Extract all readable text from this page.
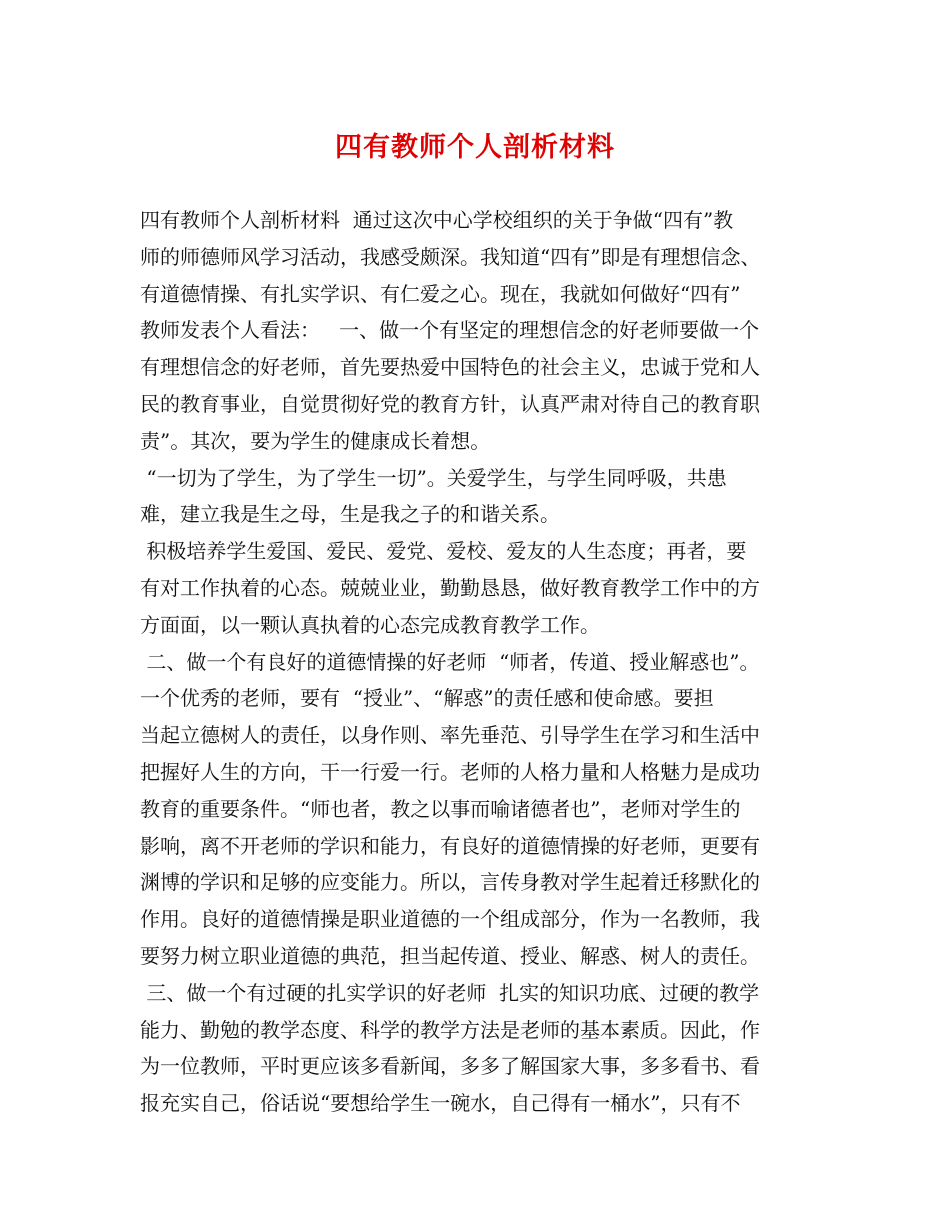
四有教师个人剖析材料
四有教师个人剖析材料  通过这次中心学校组织的关于争做“四有”教
师的师德师风学习活动，我感受颇深。我知道“四有”即是有理想信念、
有道德情操、有扎实学识、有仁爱之心。现在，我就如何做好“四有”
教师发表个人看法：   一、做一个有坚定的理想信念的好老师要做一个
有理想信念的好老师，首先要热爱中国特色的社会主义，忠诚于党和人
民的教育事业，自觉贯彻好党的教育方针，认真严肃对待自己的教育职
责”。其次，要为学生的健康成长着想。
“一切为了学生，为了学生一切”。关爱学生，与学生同呼吸，共患
难，建立我是生之母，生是我之子的和谐关系。
积极培养学生爱国、爱民、爱党、爱校、爱友的人生态度；再者，要
有对工作执着的心态。兢兢业业，勤勤恳恳，做好教育教学工作中的方
方面面，以一颗认真执着的心态完成教育教学工作。
二、做一个有良好的道德情操的好老师  “师者，传道、授业解惑也”。
一个优秀的老师，要有  “授业”、“解惑”的责任感和使命感。要担
当起立德树人的责任，以身作则、率先垂范、引导学生在学习和生活中
把握好人生的方向，干一行爱一行。老师的人格力量和人格魅力是成功
教育的重要条件。“师也者，教之以事而喻诸德者也”，老师对学生的
影响，离不开老师的学识和能力，有良好的道德情操的好老师，更要有
渊博的学识和足够的应变能力。所以，言传身教对学生起着迁移默化的
作用。良好的道德情操是职业道德的一个组成部分，作为一名教师，我
要努力树立职业道德的典范，担当起传道、授业、解惑、树人的责任。
三、做一个有过硬的扎实学识的好老师  扎实的知识功底、过硬的教学
能力、勤勉的教学态度、科学的教学方法是老师的基本素质。因此，作
为一位教师，平时更应该多看新闻，多多了解国家大事，多多看书、看
报充实自己，俗话说“要想给学生一碗水，自己得有一桶水”，只有不
